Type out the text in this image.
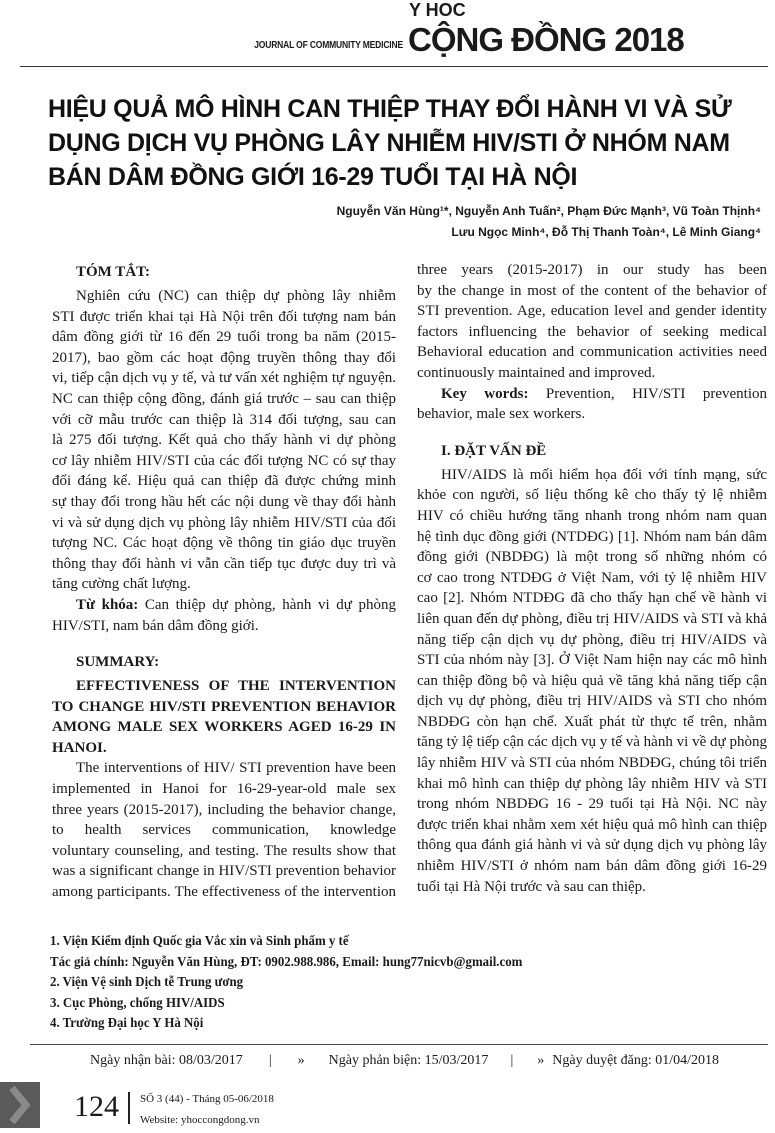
JOURNAL OF COMMUNITY MEDICINE
Y HOC
CỘNG ĐỒNG 2018
HIỆU QUẢ MÔ HÌNH CAN THIỆP THAY ĐỔI HÀNH VI VÀ SỬ DỤNG DỊCH VỤ PHÒNG LÂY NHIỄM HIV/STI Ở NHÓM NAM BÁN DÂM ĐỒNG GIỚI 16-29 TUỔI TẠI HÀ NỘI
Nguyễn Văn Hùng¹*, Nguyễn Anh Tuấn², Phạm Đức Mạnh³, Vũ Toàn Thịnh⁴
Lưu Ngọc Minh⁴, Đỗ Thị Thanh Toàn⁴, Lê Minh Giang⁴
TÓM TẮT:
Nghiên cứu (NC) can thiệp dự phòng lây nhiễm
STI được triển khai tại Hà Nội trên đối tượng nam bán
dâm đồng giới từ 16 đến 29 tuổi trong ba năm (2015-
2017), bao gồm các hoạt động truyền thông thay đổi
vi, tiếp cận dịch vụ y tế, và tư vấn xét nghiệm tự nguyện.
NC can thiệp cộng đồng, đánh giá trước – sau can thiệp
với cỡ mẫu trước can thiệp là 314 đối tượng, sau can
là 275 đối tượng. Kết quả cho thấy hành vi dự phòng
cơ lây nhiễm HIV/STI của các đối tượng NC có sự thay
đổi đáng kể. Hiệu quả can thiệp đã được chứng minh
sự thay đổi trong hầu hết các nội dung về thay đổi hành
vi và sử dụng dịch vụ phòng lây nhiễm HIV/STI của đối
tượng NC. Các hoạt động về thông tin giáo dục truyền
thông thay đổi hành vi vẫn cần tiếp tục được duy trì và
tăng cường chất lượng.
Từ khóa: Can thiệp dự phòng, hành vi dự phòng
HIV/STI, nam bán dâm đồng giới.
SUMMARY:
EFFECTIVENESS OF THE INTERVENTION
TO CHANGE HIV/STI PREVENTION BEHAVIOR
AMONG MALE SEX WORKERS AGED 16-29 IN
HANOI.
The interventions of HIV/ STI prevention have been
implemented in Hanoi for 16-29-year-old male sex
three years (2015-2017), including the behavior change,
to health services communication, knowledge
voluntary counseling, and testing. The results show that
was a significant change in HIV/STI prevention behavior
among participants. The effectiveness of the intervention
three years (2015-2017) in our study has been
by the change in most of the content of the behavior of
STI prevention. Age, education level and gender identity
factors influencing the behavior of seeking medical
Behavioral education and communication activities need
continuously maintained and improved.
Key words: Prevention, HIV/STI prevention
behavior, male sex workers.
I. ĐẶT VẤN ĐỀ
HIV/AIDS là mối hiểm họa đối với tính mạng, sức
khỏe con người, số liệu thống kê cho thấy tỷ lệ nhiễm
HIV có chiều hướng tăng nhanh trong nhóm nam quan
hệ tình dục đồng giới (NTDĐG) [1]. Nhóm nam bán dâm
đồng giới (NBDĐG) là một trong số những nhóm có
cơ cao trong NTDĐG ở Việt Nam, với tỷ lệ nhiễm HIV
cao [2]. Nhóm NTDĐG đã cho thấy hạn chế về hành vi
liên quan đến dự phòng, điều trị HIV/AIDS và STI và khả
năng tiếp cận dịch vụ dự phòng, điều trị HIV/AIDS và
STI của nhóm này [3]. Ở Việt Nam hiện nay các mô hình
can thiệp đồng bộ và hiệu quả về tăng khả năng tiếp cận
dịch vụ dự phòng, điều trị HIV/AIDS và STI cho nhóm
NBDĐG còn hạn chế. Xuất phát từ thực tế trên, nhằm
tăng tỷ lệ tiếp cận các dịch vụ y tế và hành vi về dự phòng
lây nhiễm HIV và STI của nhóm NBDĐG, chúng tôi triển
khai mô hình can thiệp dự phòng lây nhiễm HIV và STI
trong nhóm NBDĐG 16 - 29 tuổi tại Hà Nội. NC này
được triển khai nhằm xem xét hiệu quả mô hình can thiệp
thông qua đánh giá hành vi và sử dụng dịch vụ phòng lây
nhiễm HIV/STI ở nhóm nam bán dâm đồng giới 16-29
tuổi tại Hà Nội trước và sau can thiệp.
1. Viện Kiểm định Quốc gia Vắc xin và Sinh phẩm y tế
Tác giả chính: Nguyễn Văn Hùng, ĐT: 0902.988.986, Email: hung77nicvb@gmail.com
2. Viện Vệ sinh Dịch tễ Trung ương
3. Cục Phòng, chống HIV/AIDS
4. Trường Đại học Y Hà Nội
Ngày nhận bài: 08/03/2017 | » Ngày phản biện: 15/03/2017 | » Ngày duyệt đăng: 01/04/2018
124 SỐ 3 (44) - Tháng 05-06/2018
Website: yhoccongdong.vn
